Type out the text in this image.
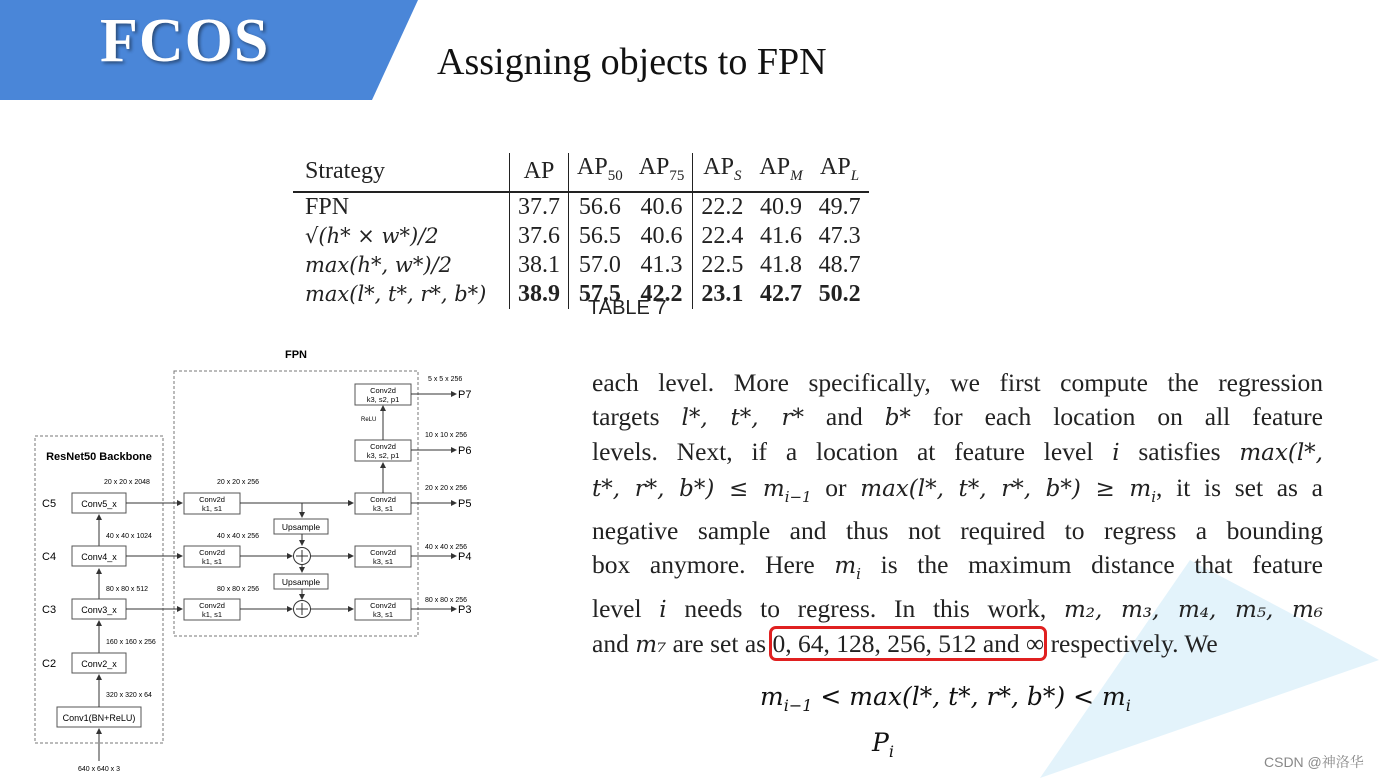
FCOS	Assigning objects to FPN
Strategy	AP	$AP_{50}$	$AP_{75}$	$AP_S$	$AP_M$	$AP_L$
FPN	37.7	56.6	40.6	22.2	40.9	49.7
√(h* × w*)/2	37.6	56.5	40.6	22.4	41.6	47.3
max(h*, w*)/2	38.1	57.0	41.3	22.5	41.8	48.7
max(l*, t*, r*, b*)	38.9	57.5	42.2	23.1	42.7	50.2
TABLE 7
FPN
ResNet50 Backbone
640 x 640 x 3
Conv1(BN+ReLU)
320 x 320 x 64
160 x 160 x 256
80 x 80 x 512
40 x 40 x 1024
20 x 20 x 2048
Conv2_x
C2
Conv3_x
C3
Conv4_x
C4
Conv5_x
C5	Conv2d
k1, s1
Conv2d
k1, s1
Conv2d
k1, s1
20 x 20 x 256
40 x 40 x 256
80 x 80 x 256
Upsample
Upsample
Conv2d
k3, s1
Conv2d
k3, s1
Conv2d
k3, s1
Conv2d
k3, s2, p1
ReLU
Conv2d
k3, s2, p1	P7
5 x 5 x 256
P6
10 x 10 x 256
P5
20 x 20 x 256
P4
40 x 40 x 256
P3
80 x 80 x 256
each level. More specifically, we first compute the regression
targets l*, t*, r* and b* for each location on all feature
levels. Next, if a location at feature level i satisfies max(l*,
t*, r*, $b*) \le m_{i-1}$ or max(l*, t*, r*, $b*) \ge m_i$, it is set as a
negative sample and thus not required to regress a bounding
box anymore. Here $m_i$ is the maximum distance that feature
level i needs to regress. In this work, m₂, m₃, m₄, m₅, m₆
and m₇ are set as 0, 64, 128, 256, 512 and ∞ respectively. We
$m_{i-1} < \max(l*$, t*, r*, $b*) < m_i$
$P_i$
CSDN @神洛华
